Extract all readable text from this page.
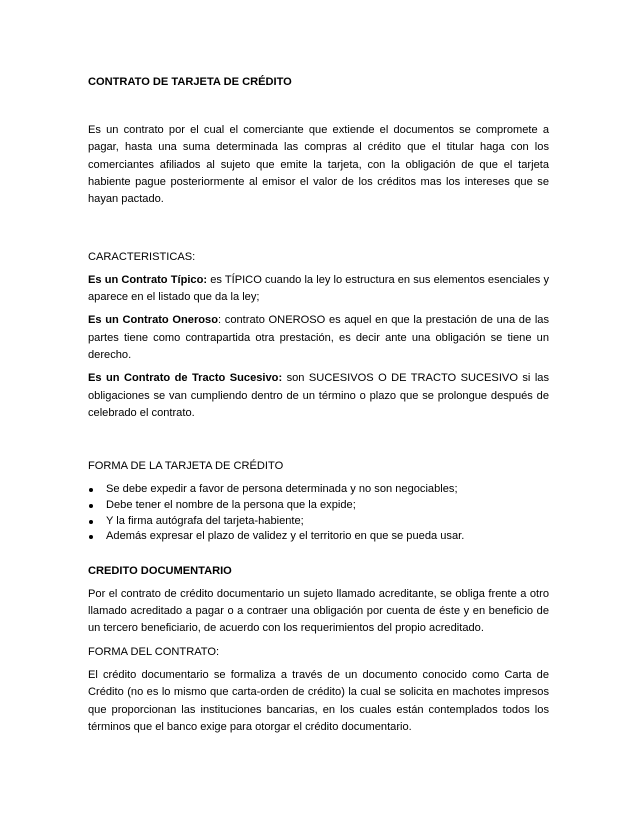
CONTRATO DE TARJETA DE CRÉDITO

Es un contrato por el cual el comerciante que extiende el documentos se compromete a pagar, hasta una suma determinada las compras al crédito que el titular haga con los comerciantes afiliados al sujeto que emite la tarjeta, con la obligación de que el tarjeta habiente pague posteriormente al emisor el valor de los créditos mas los intereses que se hayan pactado.

CARACTERISTICAS:

Es un Contrato Típico: es TÍPICO cuando la ley lo estructura en sus elementos esenciales y aparece en el listado que da la ley;

Es un Contrato Oneroso: contrato ONEROSO es aquel en que la prestación de una de las partes tiene como contrapartida otra prestación, es decir ante una obligación se tiene un derecho.

Es un Contrato de Tracto Sucesivo: son SUCESIVOS O DE TRACTO SUCESIVO si las obligaciones se van cumpliendo dentro de un término o plazo que se prolongue después de celebrado el contrato.

FORMA DE LA TARJETA DE CRÉDITO

Se debe expedir a favor de persona determinada y no son negociables;
Debe tener el nombre de la persona que la expide;
Y la firma autógrafa del tarjeta-habiente;
Además expresar el plazo de validez y el territorio en que se pueda usar.

CREDITO DOCUMENTARIO

Por el contrato de crédito documentario un sujeto llamado acreditante, se obliga frente a otro llamado acreditado a pagar o a contraer una obligación por cuenta de éste y en beneficio de un tercero beneficiario, de acuerdo con los requerimientos del propio acreditado.

FORMA DEL CONTRATO:

El crédito documentario se formaliza a través de un documento conocido como Carta de Crédito (no es lo mismo que carta-orden de crédito) la cual se solicita en machotes impresos que proporcionan las instituciones bancarias, en los cuales están contemplados todos los términos que el banco exige para otorgar el crédito documentario.
